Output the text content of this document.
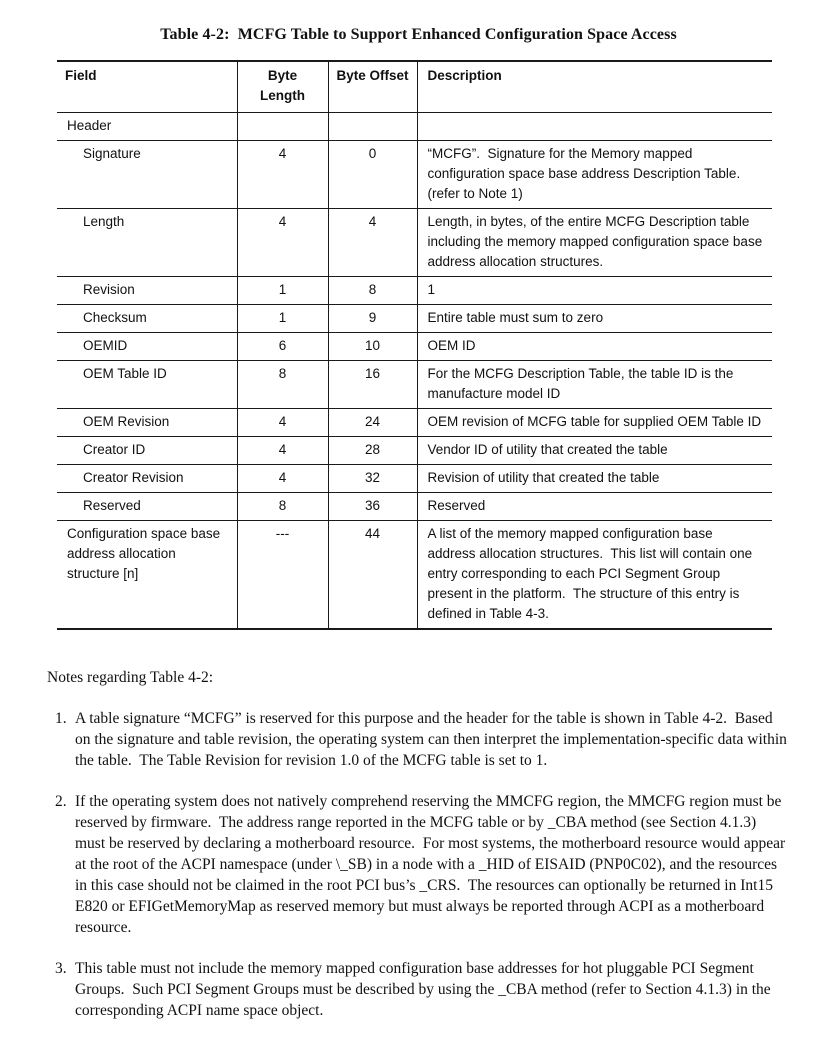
Table 4-2:  MCFG Table to Support Enhanced Configuration Space Access
Field	Byte Length	Byte Offset	Description
Header			
Signature	4	0	“MCFG”.  Signature for the Memory mapped configuration space base address Description Table.  (refer to Note 1)
Length	4	4	Length, in bytes, of the entire MCFG Description table including the memory mapped configuration space base address allocation structures.
Revision	1	8	1
Checksum	1	9	Entire table must sum to zero
OEMID	6	10	OEM ID
OEM Table ID	8	16	For the MCFG Description Table, the table ID is the manufacture model ID
OEM Revision	4	24	OEM revision of MCFG table for supplied OEM Table ID
Creator ID	4	28	Vendor ID of utility that created the table
Creator Revision	4	32	Revision of utility that created the table
Reserved	8	36	Reserved
Configuration space base address allocation structure [n]	---	44	A list of the memory mapped configuration base address allocation structures.  This list will contain one entry corresponding to each PCI Segment Group present in the platform.  The structure of this entry is defined in Table 4-3.
Notes regarding Table 4-2:
1. A table signature “MCFG” is reserved for this purpose and the header for the table is shown in Table 4-2.  Based on the signature and table revision, the operating system can then interpret the implementation-specific data within the table.  The Table Revision for revision 1.0 of the MCFG table is set to 1.
2. If the operating system does not natively comprehend reserving the MMCFG region, the MMCFG region must be reserved by firmware.  The address range reported in the MCFG table or by _CBA method (see Section 4.1.3) must be reserved by declaring a motherboard resource.  For most systems, the motherboard resource would appear at the root of the ACPI namespace (under \_SB) in a node with a _HID of EISAID (PNP0C02), and the resources in this case should not be claimed in the root PCI bus’s _CRS.  The resources can optionally be returned in Int15 E820 or EFIGetMemoryMap as reserved memory but must always be reported through ACPI as a motherboard resource.
3. This table must not include the memory mapped configuration base addresses for hot pluggable PCI Segment Groups.  Such PCI Segment Groups must be described by using the _CBA method (refer to Section 4.1.3) in the corresponding ACPI name space object.
